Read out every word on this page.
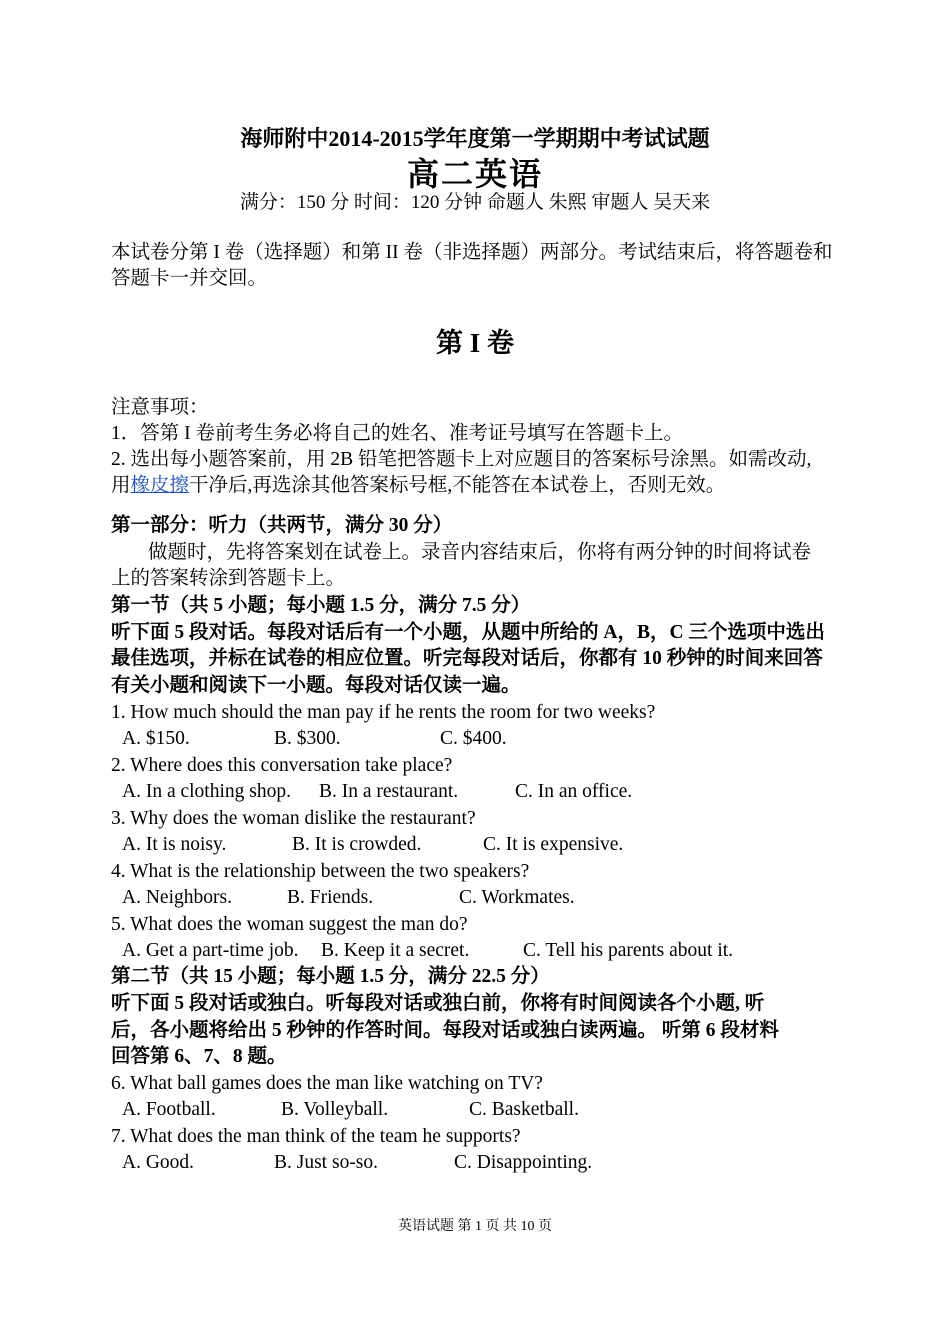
海师附中2014-2015学年度第一学期期中考试试题
高二英语
满分：150 分 时间：120 分钟 命题人 朱熙 审题人 吴天来
本试卷分第 I 卷（选择题）和第 II 卷（非选择题）两部分。考试结束后，将答题卷和
答题卡一并交回。
第 I 卷
注意事项：
1．答第 I 卷前考生务必将自己的姓名、准考证号填写在答题卡上。
2. 选出每小题答案前，用 2B 铅笔把答题卡上对应题目的答案标号涂黑。如需改动,
用橡皮擦干净后,再选涂其他答案标号框,不能答在本试卷上，否则无效。
第一部分：听力（共两节，满分 30 分）
做题时，先将答案划在试卷上。录音内容结束后，你将有两分钟的时间将试卷
上的答案转涂到答题卡上。
第一节（共 5 小题；每小题 1.5 分，满分 7.5 分）
听下面 5 段对话。每段对话后有一个小题，从题中所给的 A，B，C 三个选项中选出
最佳选项，并标在试卷的相应位置。听完每段对话后，你都有 10 秒钟的时间来回答
有关小题和阅读下一小题。每段对话仅读一遍。
1. How much should the man pay if he rents the room for two weeks?
A. $150.	B. $300.	C. $400.
2. Where does this conversation take place?
A. In a clothing shop. B. In a restaurant.	C. In an office.
3. Why does the woman dislike the restaurant?
A. It is noisy.	B. It is crowded.	C. It is expensive.
4. What is the relationship between the two speakers?
A. Neighbors.	B. Friends.	C. Workmates.
5. What does the woman suggest the man do?
A. Get a part-time job. B. Keep it a secret.	C. Tell his parents about it.
第二节（共 15 小题；每小题 1.5 分，满分 22.5 分）
听下面 5 段对话或独白。听每段对话或独白前，你将有时间阅读各个小题, 听
后，各小题将给出 5 秒钟的作答时间。每段对话或独白读两遍。 听第 6 段材料
回答第 6、7、8 题。
6. What ball games does the man like watching on TV?
A. Football.	B. Volleyball.	C. Basketball.
7. What does the man think of the team he supports?
A. Good.	B. Just so-so.	C. Disappointing.
英语试题 第 1 页 共 10 页
